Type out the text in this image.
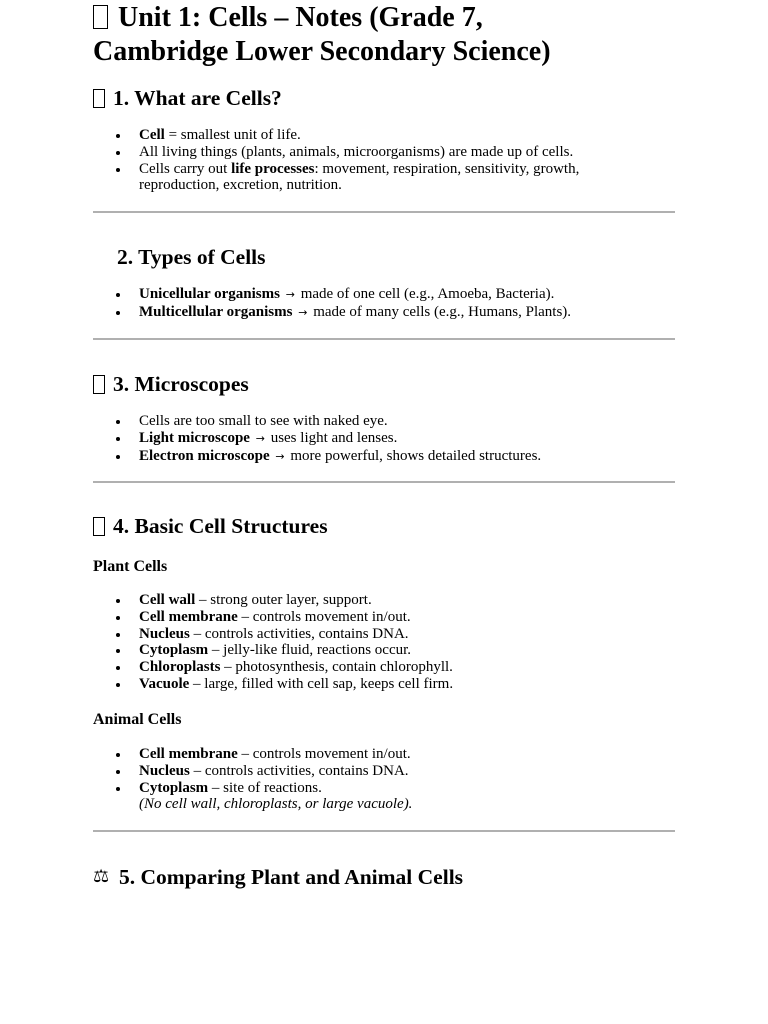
Unit 1: Cells – Notes (Grade 7,
Cambridge Lower Secondary Science)
1. What are Cells?
Cell = smallest unit of life.
All living things (plants, animals, microorganisms) are made up of cells.
Cells carry out life processes: movement, respiration, sensitivity, growth,
reproduction, excretion, nutrition.
2. Types of Cells
Unicellular organisms → made of one cell (e.g., Amoeba, Bacteria).
Multicellular organisms → made of many cells (e.g., Humans, Plants).
3. Microscopes
Cells are too small to see with naked eye.
Light microscope → uses light and lenses.
Electron microscope → more powerful, shows detailed structures.
4. Basic Cell Structures
Plant Cells
Cell wall – strong outer layer, support.
Cell membrane – controls movement in/out.
Nucleus – controls activities, contains DNA.
Cytoplasm – jelly-like fluid, reactions occur.
Chloroplasts – photosynthesis, contain chlorophyll.
Vacuole – large, filled with cell sap, keeps cell firm.
Animal Cells
Cell membrane – controls movement in/out.
Nucleus – controls activities, contains DNA.
Cytoplasm – site of reactions.
(No cell wall, chloroplasts, or large vacuole).
⚖ 5. Comparing Plant and Animal Cells
